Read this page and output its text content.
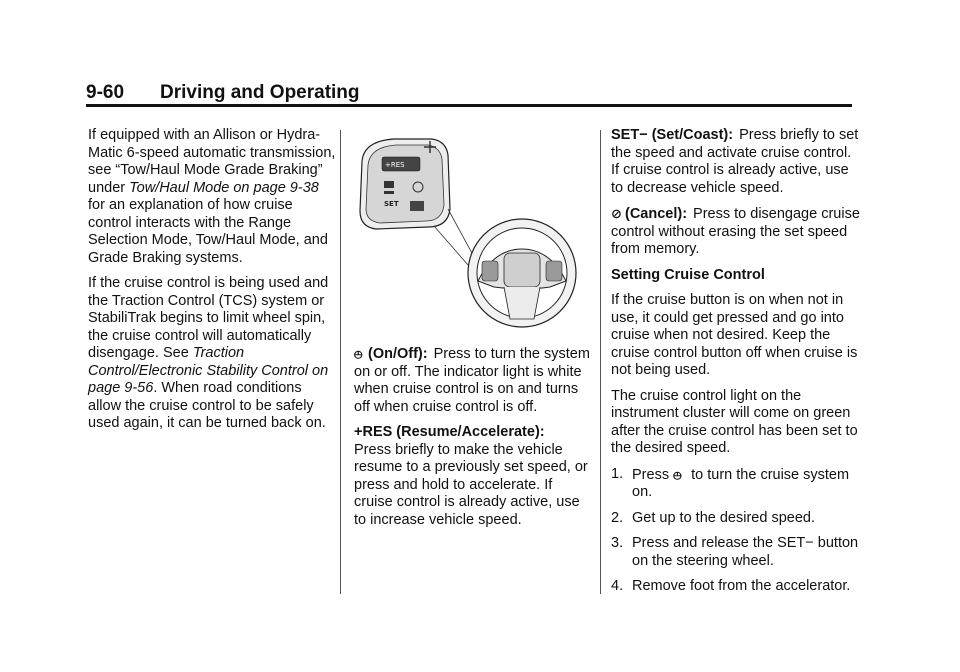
9-60 Driving and Operating

If equipped with an Allison or Hydra-Matic 6-speed automatic transmission, see “Tow/Haul Mode Grade Braking” under Tow/Haul Mode on page 9-38 for an explanation of how cruise control interacts with the Range Selection Mode, Tow/Haul Mode, and Grade Braking systems.

If the cruise control is being used and the Traction Control (TCS) system or StabiliTrak begins to limit wheel spin, the cruise control will automatically disengage. See Traction Control/Electronic Stability Control on page 9-56. When road conditions allow the cruise control to be safely used again, it can be turned back on.

+RES
SET

⦺ (On/Off): Press to turn the system on or off. The indicator light is white when cruise control is on and turns off when cruise control is off.

+RES (Resume/Accelerate):
Press briefly to make the vehicle resume to a previously set speed, or press and hold to accelerate. If cruise control is already active, use to increase vehicle speed.

SET− (Set/Coast): Press briefly to set the speed and activate cruise control. If cruise control is already active, use to decrease vehicle speed.

⊘ (Cancel): Press to disengage cruise control without erasing the set speed from memory.

Setting Cruise Control

If the cruise button is on when not in use, it could get pressed and go into cruise when not desired. Keep the cruise control button off when cruise is not being used.

The cruise control light on the instrument cluster will come on green after the cruise control has been set to the desired speed.

1. Press ⦺ to turn the cruise system on.
2. Get up to the desired speed.
3. Press and release the SET− button on the steering wheel.
4. Remove foot from the accelerator.
